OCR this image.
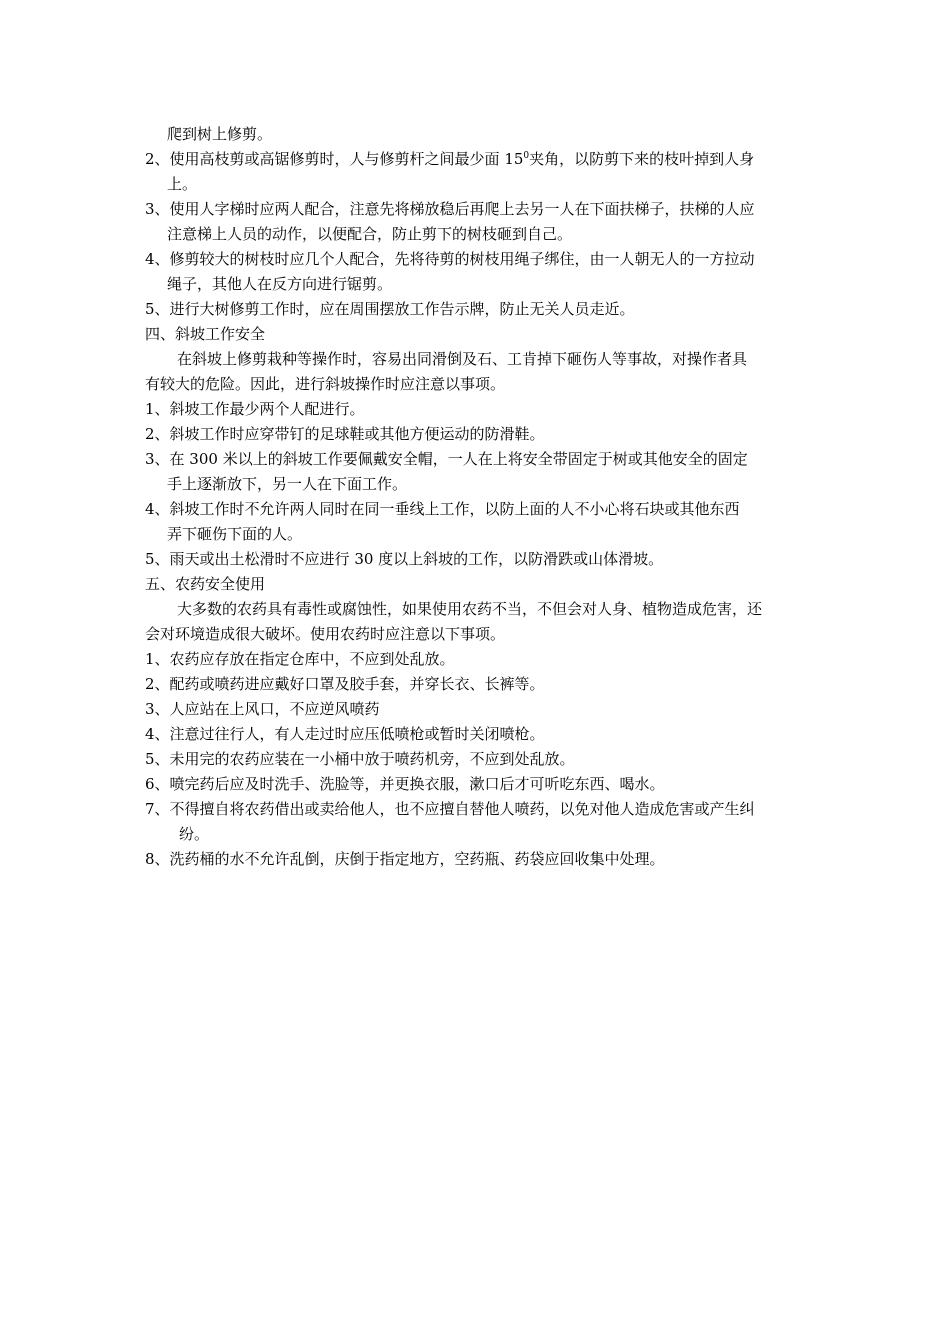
爬到树上修剪。
2、使用高枝剪或高锯修剪时，人与修剪杆之间最少面 $15^0$夹角，以防剪下来的枝叶掉到人身
上。
3、使用人字梯时应两人配合，注意先将梯放稳后再爬上去另一人在下面扶梯子，扶梯的人应
注意梯上人员的动作，以便配合，防止剪下的树枝砸到自己。
4、修剪较大的树枝时应几个人配合，先将待剪的树枝用绳子绑住，由一人朝无人的一方拉动
绳子，其他人在反方向进行锯剪。
5、进行大树修剪工作时，应在周围摆放工作告示牌，防止无关人员走近。
四、斜坡工作安全
在斜坡上修剪栽种等操作时，容易出同滑倒及石、工肯掉下砸伤人等事故，对操作者具
有较大的危险。因此，进行斜坡操作时应注意以事项。
1、斜坡工作最少两个人配进行。
2、斜坡工作时应穿带钉的足球鞋或其他方便运动的防滑鞋。
3、在 300 米以上的斜坡工作要佩戴安全帽，一人在上将安全带固定于树或其他安全的固定
手上逐渐放下，另一人在下面工作。
4、斜坡工作时不允许两人同时在同一垂线上工作，以防上面的人不小心将石块或其他东西
弄下砸伤下面的人。
5、雨天或出土松滑时不应进行 30 度以上斜坡的工作，以防滑跌或山体滑坡。
五、农药安全使用
大多数的农药具有毒性或腐蚀性，如果使用农药不当，不但会对人身、植物造成危害，还
会对环境造成很大破坏。使用农药时应注意以下事项。
1、农药应存放在指定仓库中，不应到处乱放。
2、配药或喷药进应戴好口罩及胶手套，并穿长衣、长裤等。
3、人应站在上风口，不应逆风喷药
4、注意过往行人，有人走过时应压低喷枪或暂时关闭喷枪。
5、未用完的农药应装在一小桶中放于喷药机旁，不应到处乱放。
6、喷完药后应及时洗手、洗脸等，并更换衣服，漱口后才可听吃东西、喝水。
7、不得擅自将农药借出或卖给他人，也不应擅自替他人喷药，以免对他人造成危害或产生纠
纷。
8、洗药桶的水不允许乱倒，庆倒于指定地方，空药瓶、药袋应回收集中处理。
